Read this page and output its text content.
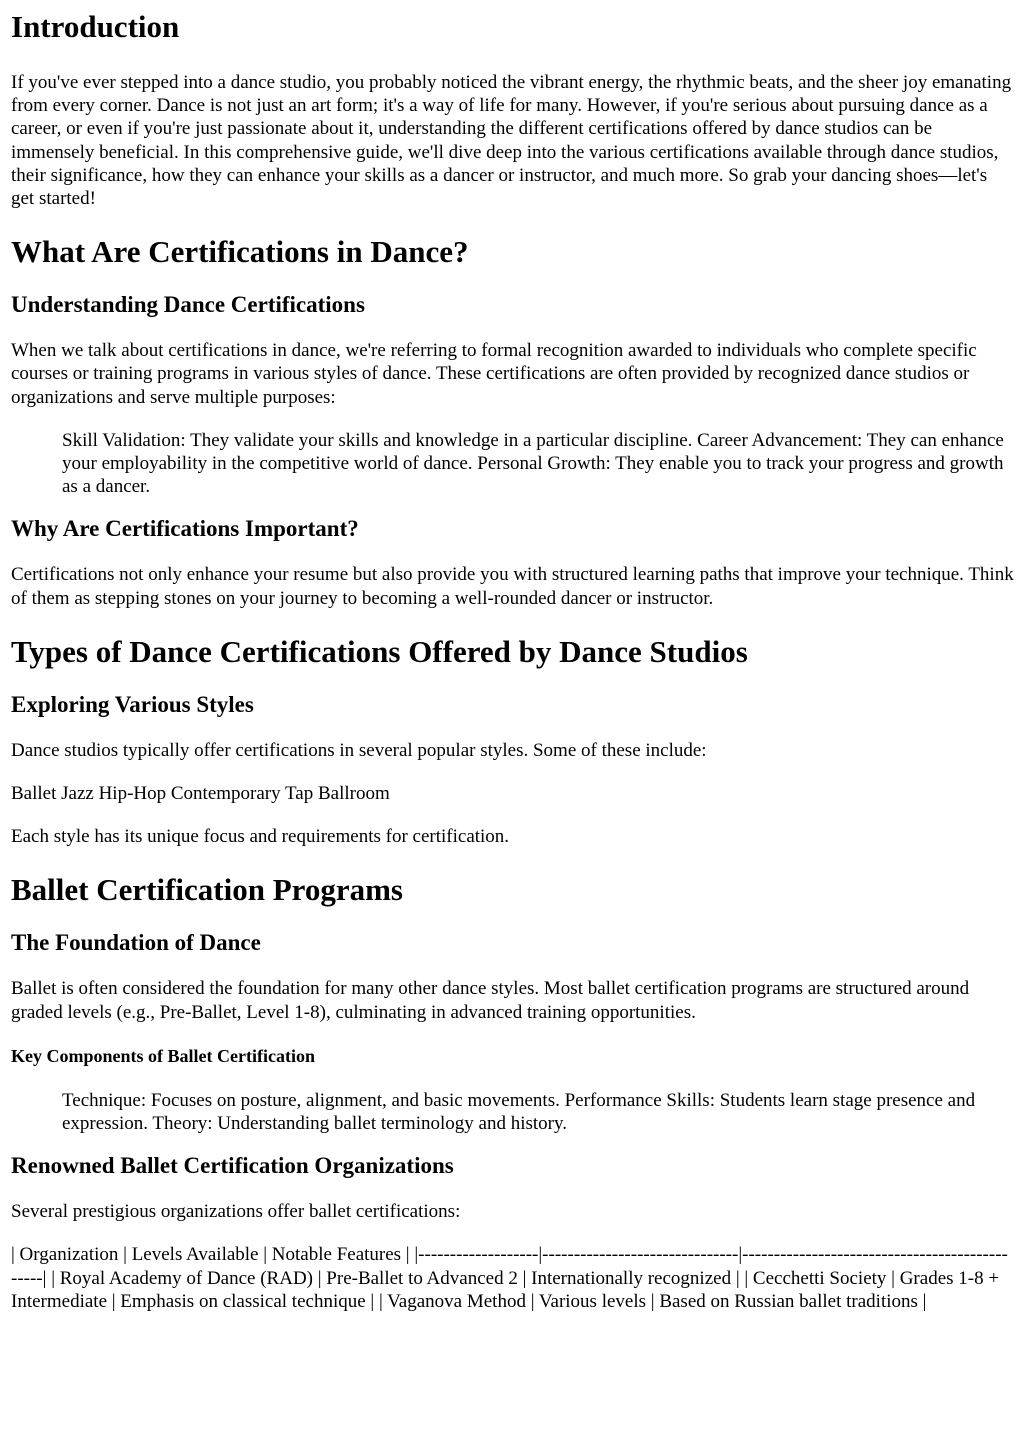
Introduction

If you've ever stepped into a dance studio, you probably noticed the vibrant energy, the rhythmic beats, and the sheer joy emanating from every corner. Dance is not just an art form; it's a way of life for many. However, if you're serious about pursuing dance as a career, or even if you're just passionate about it, understanding the different certifications offered by dance studios can be immensely beneficial. In this comprehensive guide, we'll dive deep into the various certifications available through dance studios, their significance, how they can enhance your skills as a dancer or instructor, and much more. So grab your dancing shoes—let's get started!

What Are Certifications in Dance?
Understanding Dance Certifications

When we talk about certifications in dance, we're referring to formal recognition awarded to individuals who complete specific courses or training programs in various styles of dance. These certifications are often provided by recognized dance studios or organizations and serve multiple purposes:

Skill Validation: They validate your skills and knowledge in a particular discipline. Career Advancement: They can enhance your employability in the competitive world of dance. Personal Growth: They enable you to track your progress and growth as a dancer.
Why Are Certifications Important?

Certifications not only enhance your resume but also provide you with structured learning paths that improve your technique. Think of them as stepping stones on your journey to becoming a well-rounded dancer or instructor.

Types of Dance Certifications Offered by Dance Studios
Exploring Various Styles

Dance studios typically offer certifications in several popular styles. Some of these include:

Ballet Jazz Hip-Hop Contemporary Tap Ballroom

Each style has its unique focus and requirements for certification.

Ballet Certification Programs
The Foundation of Dance

Ballet is often considered the foundation for many other dance styles. Most ballet certification programs are structured around graded levels (e.g., Pre-Ballet, Level 1-8), culminating in advanced training opportunities.

Key Components of Ballet Certification
Technique: Focuses on posture, alignment, and basic movements. Performance Skills: Students learn stage presence and expression. Theory: Understanding ballet terminology and history.
Renowned Ballet Certification Organizations

Several prestigious organizations offer ballet certifications:

| Organization | Levels Available | Notable Features | |-------------------|-------------------------------|-----------------------------------------------| | Royal Academy of Dance (RAD) | Pre-Ballet to Advanced 2 | Internationally recognized | | Cecchetti Society | Grades 1-8 + Intermediate | Emphasis on classical technique | | Vaganova Method | Various levels | Based on Russian ballet traditions |
